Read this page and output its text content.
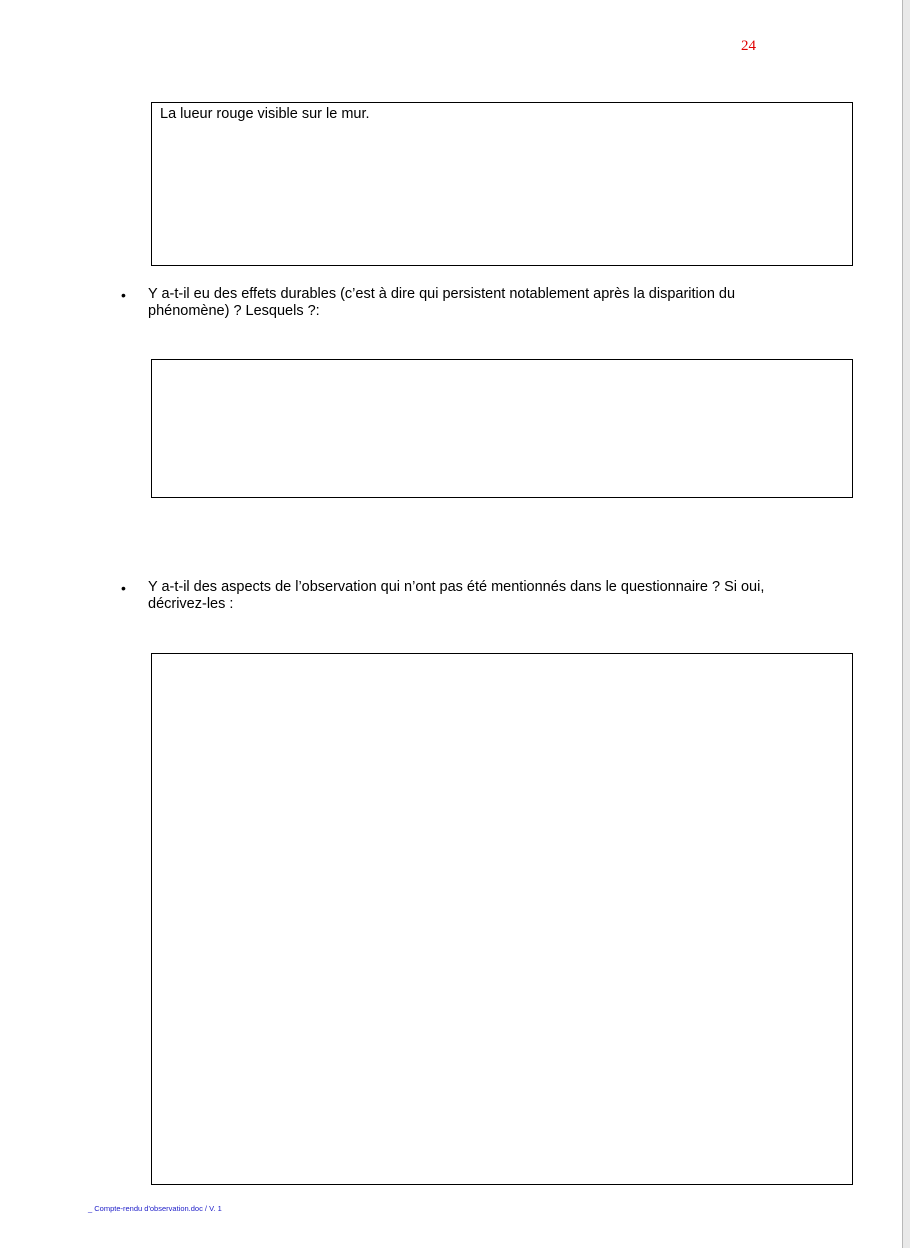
24
La lueur rouge visible sur le mur.
• Y a-t-il eu des effets durables (c’est à dire qui persistent notablement après la disparition du
phénomène) ? Lesquels ?:
• Y a-t-il des aspects de l’observation qui n’ont pas été mentionnés dans le questionnaire ? Si oui,
décrivez-les :
_ Compte-rendu d'observation.doc / V. 1
